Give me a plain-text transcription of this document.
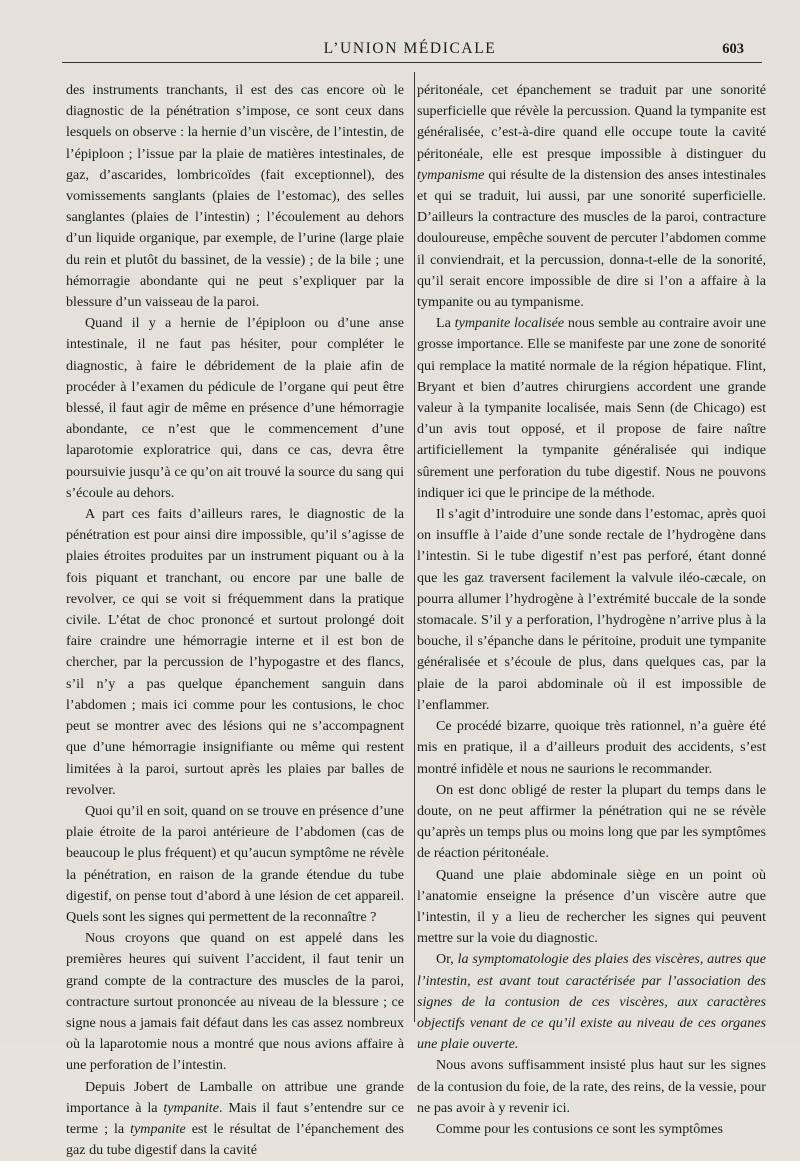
L’UNION MÉDICALE	603

des instruments tranchants, il est des cas encore où le diagnostic de la pénétration s’impose, ce sont ceux dans lesquels on observe : la hernie d’un viscère, de l’intestin, de l’épiploon ; l’issue par la plaie de matières intestinales, de gaz, d’ascarides, lombricoïdes (fait exceptionnel), des vomissements sanglants (plaies de l’estomac), des selles sanglantes (plaies de l’intestin) ; l’écoulement au dehors d’un liquide organique, par exemple, de l’urine (large plaie du rein et plutôt du bassinet, de la vessie) ; de la bile ; une hémorragie abondante qui ne peut s’expliquer par la blessure d’un vaisseau de la paroi.

Quand il y a hernie de l’épiploon ou d’une anse intestinale, il ne faut pas hésiter, pour compléter le diagnostic, à faire le débridement de la plaie afin de procéder à l’examen du pédicule de l’organe qui peut être blessé, il faut agir de même en présence d’une hémorragie abondante, ce n’est que le commencement d’une laparotomie exploratrice qui, dans ce cas, devra être poursuivie jusqu’à ce qu’on ait trouvé la source du sang qui s’écoule au dehors.

A part ces faits d’ailleurs rares, le diagnostic de la pénétration est pour ainsi dire impossible, qu’il s’agisse de plaies étroites produites par un instrument piquant ou à la fois piquant et tranchant, ou encore par une balle de revolver, ce qui se voit si fréquemment dans la pratique civile. L’état de choc prononcé et surtout prolongé doit faire craindre une hémorragie interne et il est bon de chercher, par la percussion de l’hypogastre et des flancs, s’il n’y a pas quelque épanchement sanguin dans l’abdomen ; mais ici comme pour les contusions, le choc peut se montrer avec des lésions qui ne s’accompagnent que d’une hémorragie insignifiante ou même qui restent limitées à la paroi, surtout après les plaies par balles de revolver.

Quoi qu’il en soit, quand on se trouve en présence d’une plaie étroite de la paroi antérieure de l’abdomen (cas de beaucoup le plus fréquent) et qu’aucun symptôme ne révèle la pénétration, en raison de la grande étendue du tube digestif, on pense tout d’abord à une lésion de cet appareil. Quels sont les signes qui permettent de la reconnaître ?

Nous croyons que quand on est appelé dans les premières heures qui suivent l’accident, il faut tenir un grand compte de la contracture des muscles de la paroi, contracture surtout prononcée au niveau de la blessure ; ce signe nous a jamais fait défaut dans les cas assez nombreux où la laparotomie nous a montré que nous avions affaire à une perforation de l’intestin.

Depuis Jobert de Lamballe on attribue une grande importance à la tympanite. Mais il faut s’entendre sur ce terme ; la tympanite est le résultat de l’épanchement des gaz du tube digestif dans la cavité

péritonéale, cet épanchement se traduit par une sonorité superficielle que révèle la percussion. Quand la tympanite est généralisée, c’est-à-dire quand elle occupe toute la cavité péritonéale, elle est presque impossible à distinguer du tympanisme qui résulte de la distension des anses intestinales et qui se traduit, lui aussi, par une sonorité superficielle. D’ailleurs la contracture des muscles de la paroi, contracture douloureuse, empêche souvent de percuter l’abdomen comme il conviendrait, et la percussion, donna-t-elle de la sonorité, qu’il serait encore impossible de dire si l’on a affaire à la tympanite ou au tympanisme.

La tympanite localisée nous semble au contraire avoir une grosse importance. Elle se manifeste par une zone de sonorité qui remplace la matité normale de la région hépatique. Flint, Bryant et bien d’autres chirurgiens accordent une grande valeur à la tympanite localisée, mais Senn (de Chicago) est d’un avis tout opposé, et il propose de faire naître artificiellement la tympanite généralisée qui indique sûrement une perforation du tube digestif. Nous ne pouvons indiquer ici que le principe de la méthode.

Il s’agit d’introduire une sonde dans l’estomac, après quoi on insuffle à l’aide d’une sonde rectale de l’hydrogène dans l’intestin. Si le tube digestif n’est pas perforé, étant donné que les gaz traversent facilement la valvule iléo-cæcale, on pourra allumer l’hydrogène à l’extrémité buccale de la sonde stomacale. S’il y a perforation, l’hydrogène n’arrive plus à la bouche, il s’épanche dans le péritoine, produit une tympanite généralisée et s’écoule de plus, dans quelques cas, par la plaie de la paroi abdominale où il est impossible de l’enflammer.

Ce procédé bizarre, quoique très rationnel, n’a guère été mis en pratique, il a d’ailleurs produit des accidents, s’est montré infidèle et nous ne saurions le recommander.

On est donc obligé de rester la plupart du temps dans le doute, on ne peut affirmer la pénétration qui ne se révèle qu’après un temps plus ou moins long que par les symptômes de réaction péritonéale.

Quand une plaie abdominale siège en un point où l’anatomie enseigne la présence d’un viscère autre que l’intestin, il y a lieu de rechercher les signes qui peuvent mettre sur la voie du diagnostic.

Or, la symptomatologie des plaies des viscères, autres que l’intestin, est avant tout caractérisée par l’association des signes de la contusion de ces viscères, aux caractères objectifs venant de ce qu’il existe au niveau de ces organes une plaie ouverte.

Nous avons suffisamment insisté plus haut sur les signes de la contusion du foie, de la rate, des reins, de la vessie, pour ne pas avoir à y revenir ici.

Comme pour les contusions ce sont les symptômes
